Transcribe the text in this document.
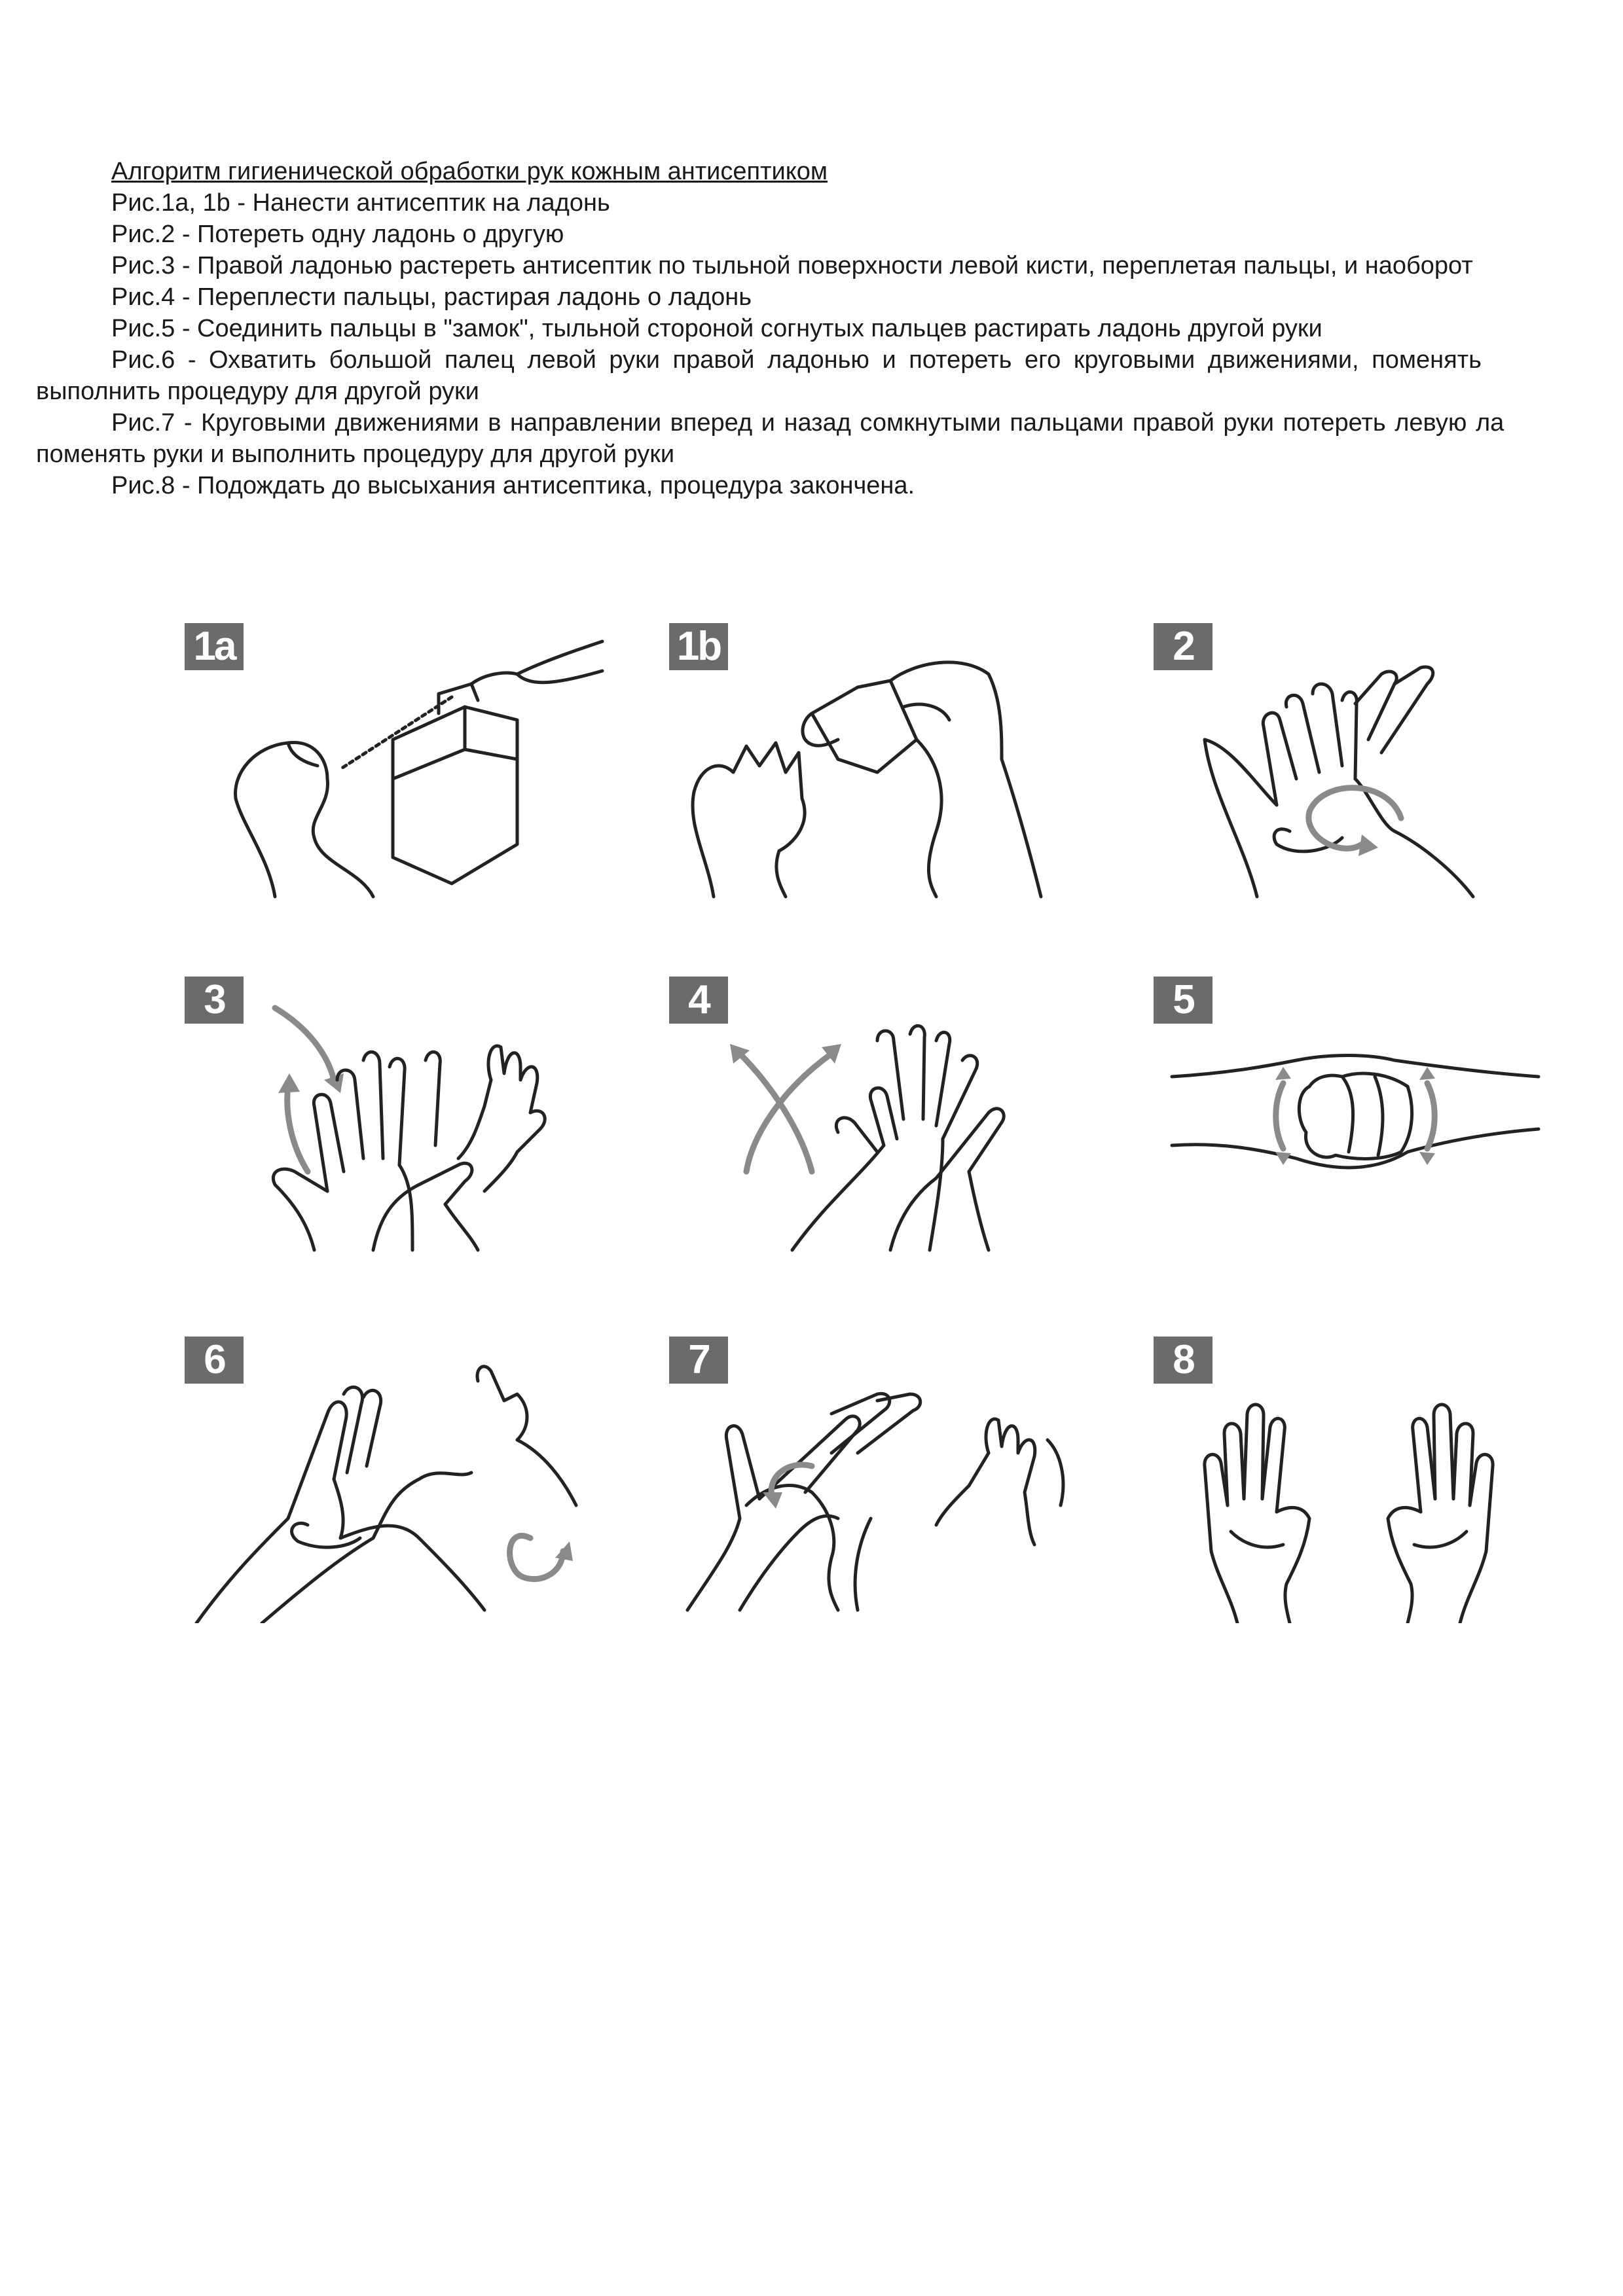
Алгоритм гигиенической обработки рук кожным антисептиком

Рис.1а, 1b - Нанести антисептик на ладонь

Рис.2 - Потереть одну ладонь о другую

Рис.3 - Правой ладонью растереть антисептик по тыльной поверхности левой кисти, переплетая пальцы, и наоборот

Рис.4 - Переплести пальцы, растирая ладонь о ладонь

Рис.5 - Соединить пальцы в "замок", тыльной стороной согнутых пальцев растирать ладонь другой руки

Рис.6 - Охватить большой палец левой руки правой ладонью и потереть его круговыми движениями, поменять

выполнить процедуру для другой руки

Рис.7 - Круговыми движениями в направлении вперед и назад сомкнутыми пальцами правой руки потереть левую ла

поменять руки и выполнить процедуру для другой руки

Рис.8 - Подождать до высыхания антисептика, процедура закончена.

1a	1b	2
3	4	5
6	7	8
